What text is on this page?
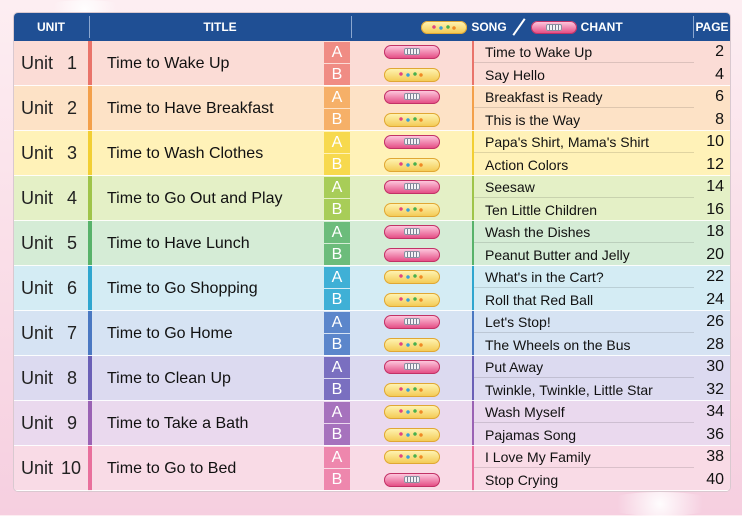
UNIT	TITLE	SONG	CHANT	PAGE
Unit 1	Time to Wake Up
A	Time to Wake Up	2
B	Say Hello	4
Unit 2	Time to Have Breakfast
A	Breakfast is Ready	6
B	This is the Way	8
Unit 3	Time to Wash Clothes
A	Papa's Shirt, Mama's Shirt	10
B	Action Colors	12
Unit 4	Time to Go Out and Play
A	Seesaw	14
B	Ten Little Children	16
Unit 5	Time to Have Lunch
A	Wash the Dishes	18
B	Peanut Butter and Jelly	20
Unit 6	Time to Go Shopping
A	What's in the Cart?	22
B	Roll that Red Ball	24
Unit 7	Time to Go Home
A	Let's Stop!	26
B	The Wheels on the Bus	28
Unit 8	Time to Clean Up
A	Put Away	30
B	Twinkle, Twinkle, Little Star	32
Unit 9	Time to Take a Bath
A	Wash Myself	34
B	Pajamas Song	36
Unit 10	Time to Go to Bed
A	I Love My Family	38
B	Stop Crying	40
